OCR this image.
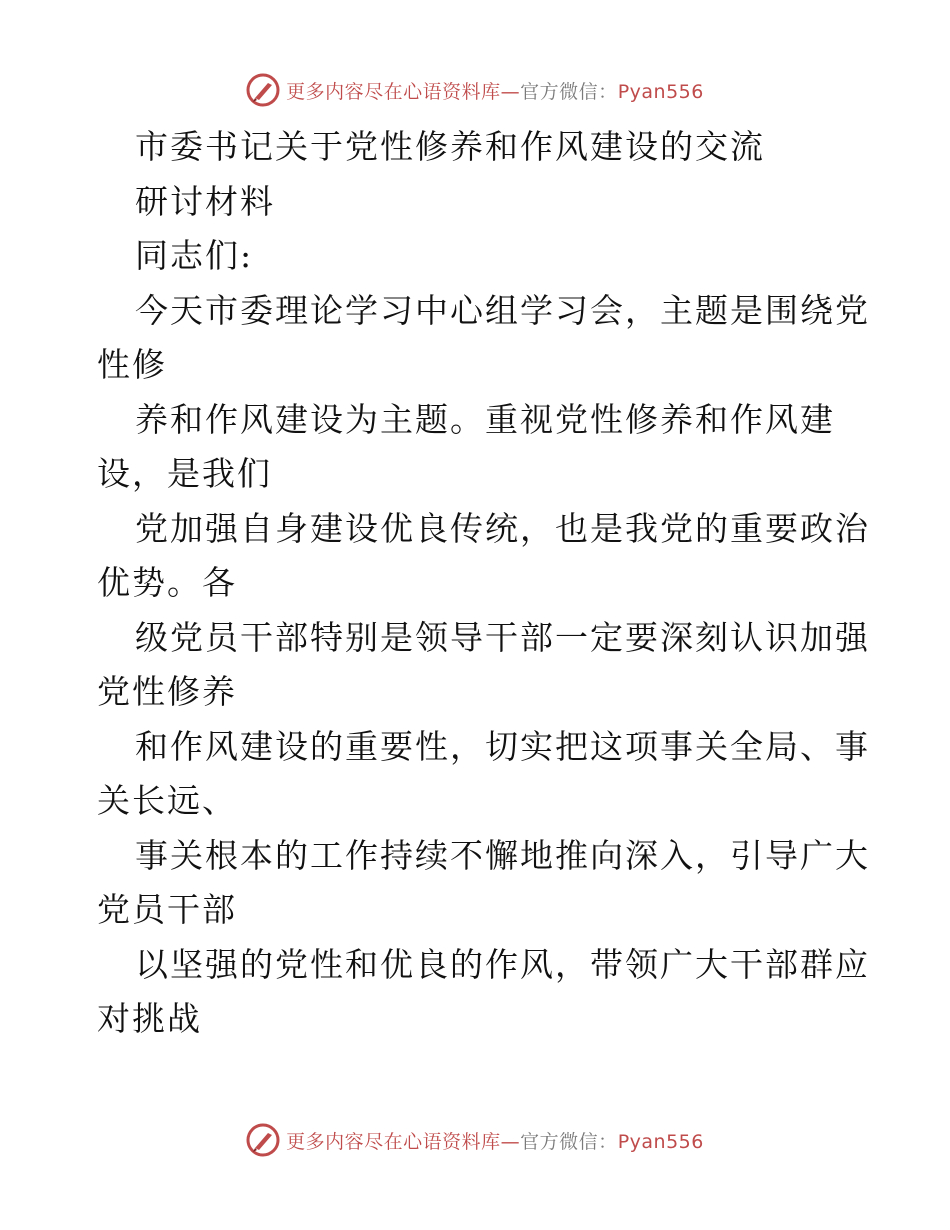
更多内容尽在心语资料库—官方微信：Pyan556
市委书记关于党性修养和作风建设的交流
研讨材料
同志们:
今天市委理论学习中心组学习会，主题是围绕党
性修
养和作风建设为主题。重视党性修养和作风建
设，是我们
党加强自身建设优良传统，也是我党的重要政治
优势。各
级党员干部特别是领导干部一定要深刻认识加强
党性修养
和作风建设的重要性，切实把这项事关全局、事
关长远、
事关根本的工作持续不懈地推向深入，引导广大
党员干部
以坚强的党性和优良的作风，带领广大干部群应
对挑战
更多内容尽在心语资料库—官方微信：Pyan556
